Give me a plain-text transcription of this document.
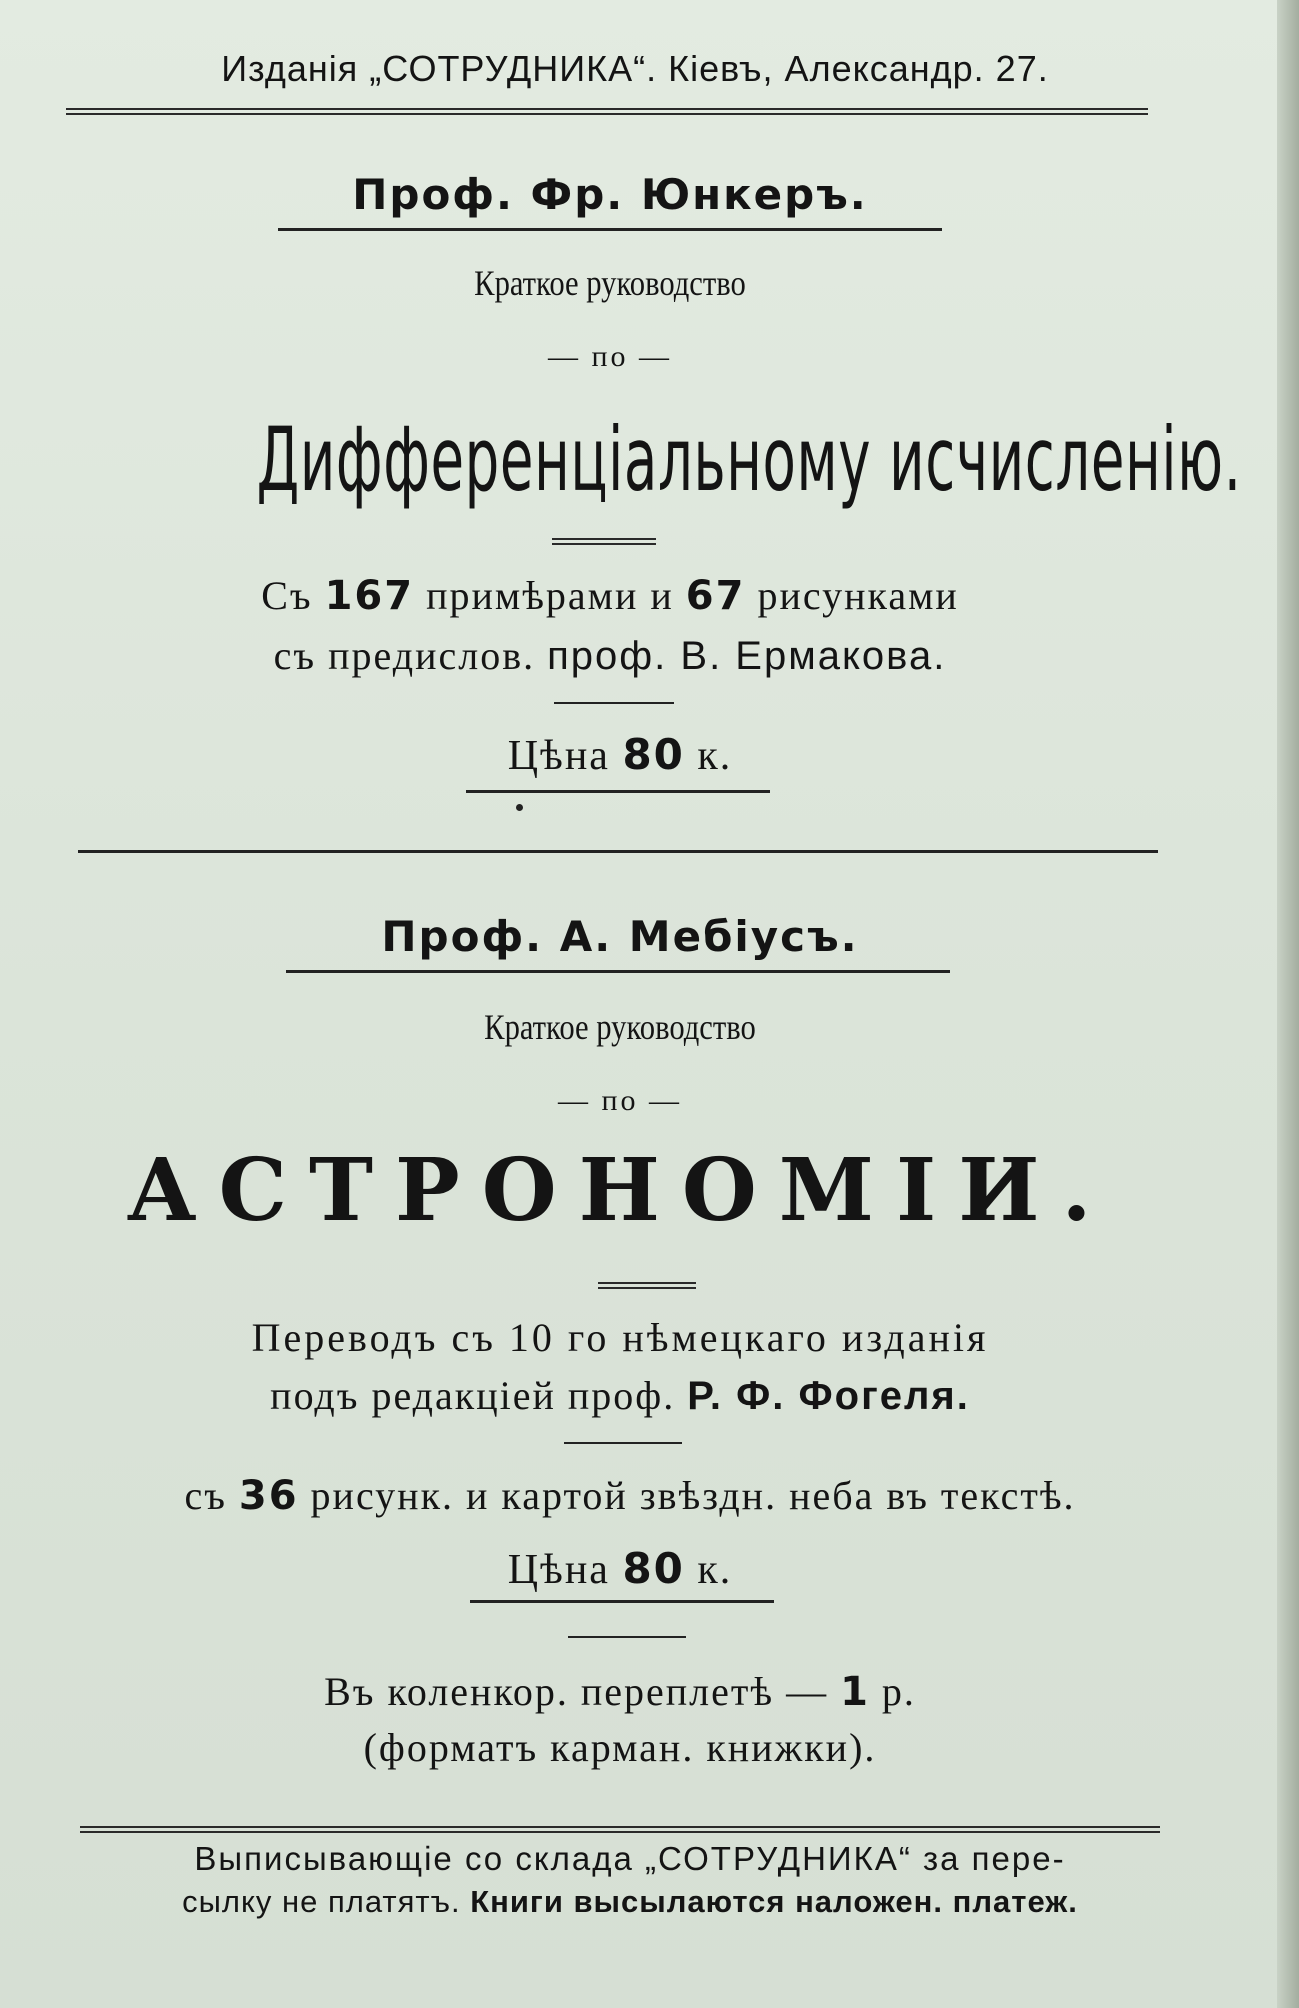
Изданія „СОТРУДНИКА“. Кіевъ, Александр. 27.
Проф. Фр. Юнкеръ.
Краткое руководство
— по —
Дифференціальному исчисленію.
Съ 167 примѣрами и 67 рисунками
съ предислов. проф. В. Ермакова.
Цѣна 80 к.
Проф. А. Мебіусъ.
Краткое руководство
— по —
АСТРОНОМІИ.
Переводъ съ 10 го нѣмецкаго изданія
подъ редакціей проф. Р. Ф. Фогеля.
съ 36 рисунк. и картой звѣздн. неба въ текстѣ.
Цѣна 80 к.
Въ коленкор. переплетѣ — 1 р.
(форматъ карман. книжки).
Выписывающіе со склада „СОТРУДНИКА“ за пере-
сылку не платятъ. Книги высылаются наложен. платеж.
